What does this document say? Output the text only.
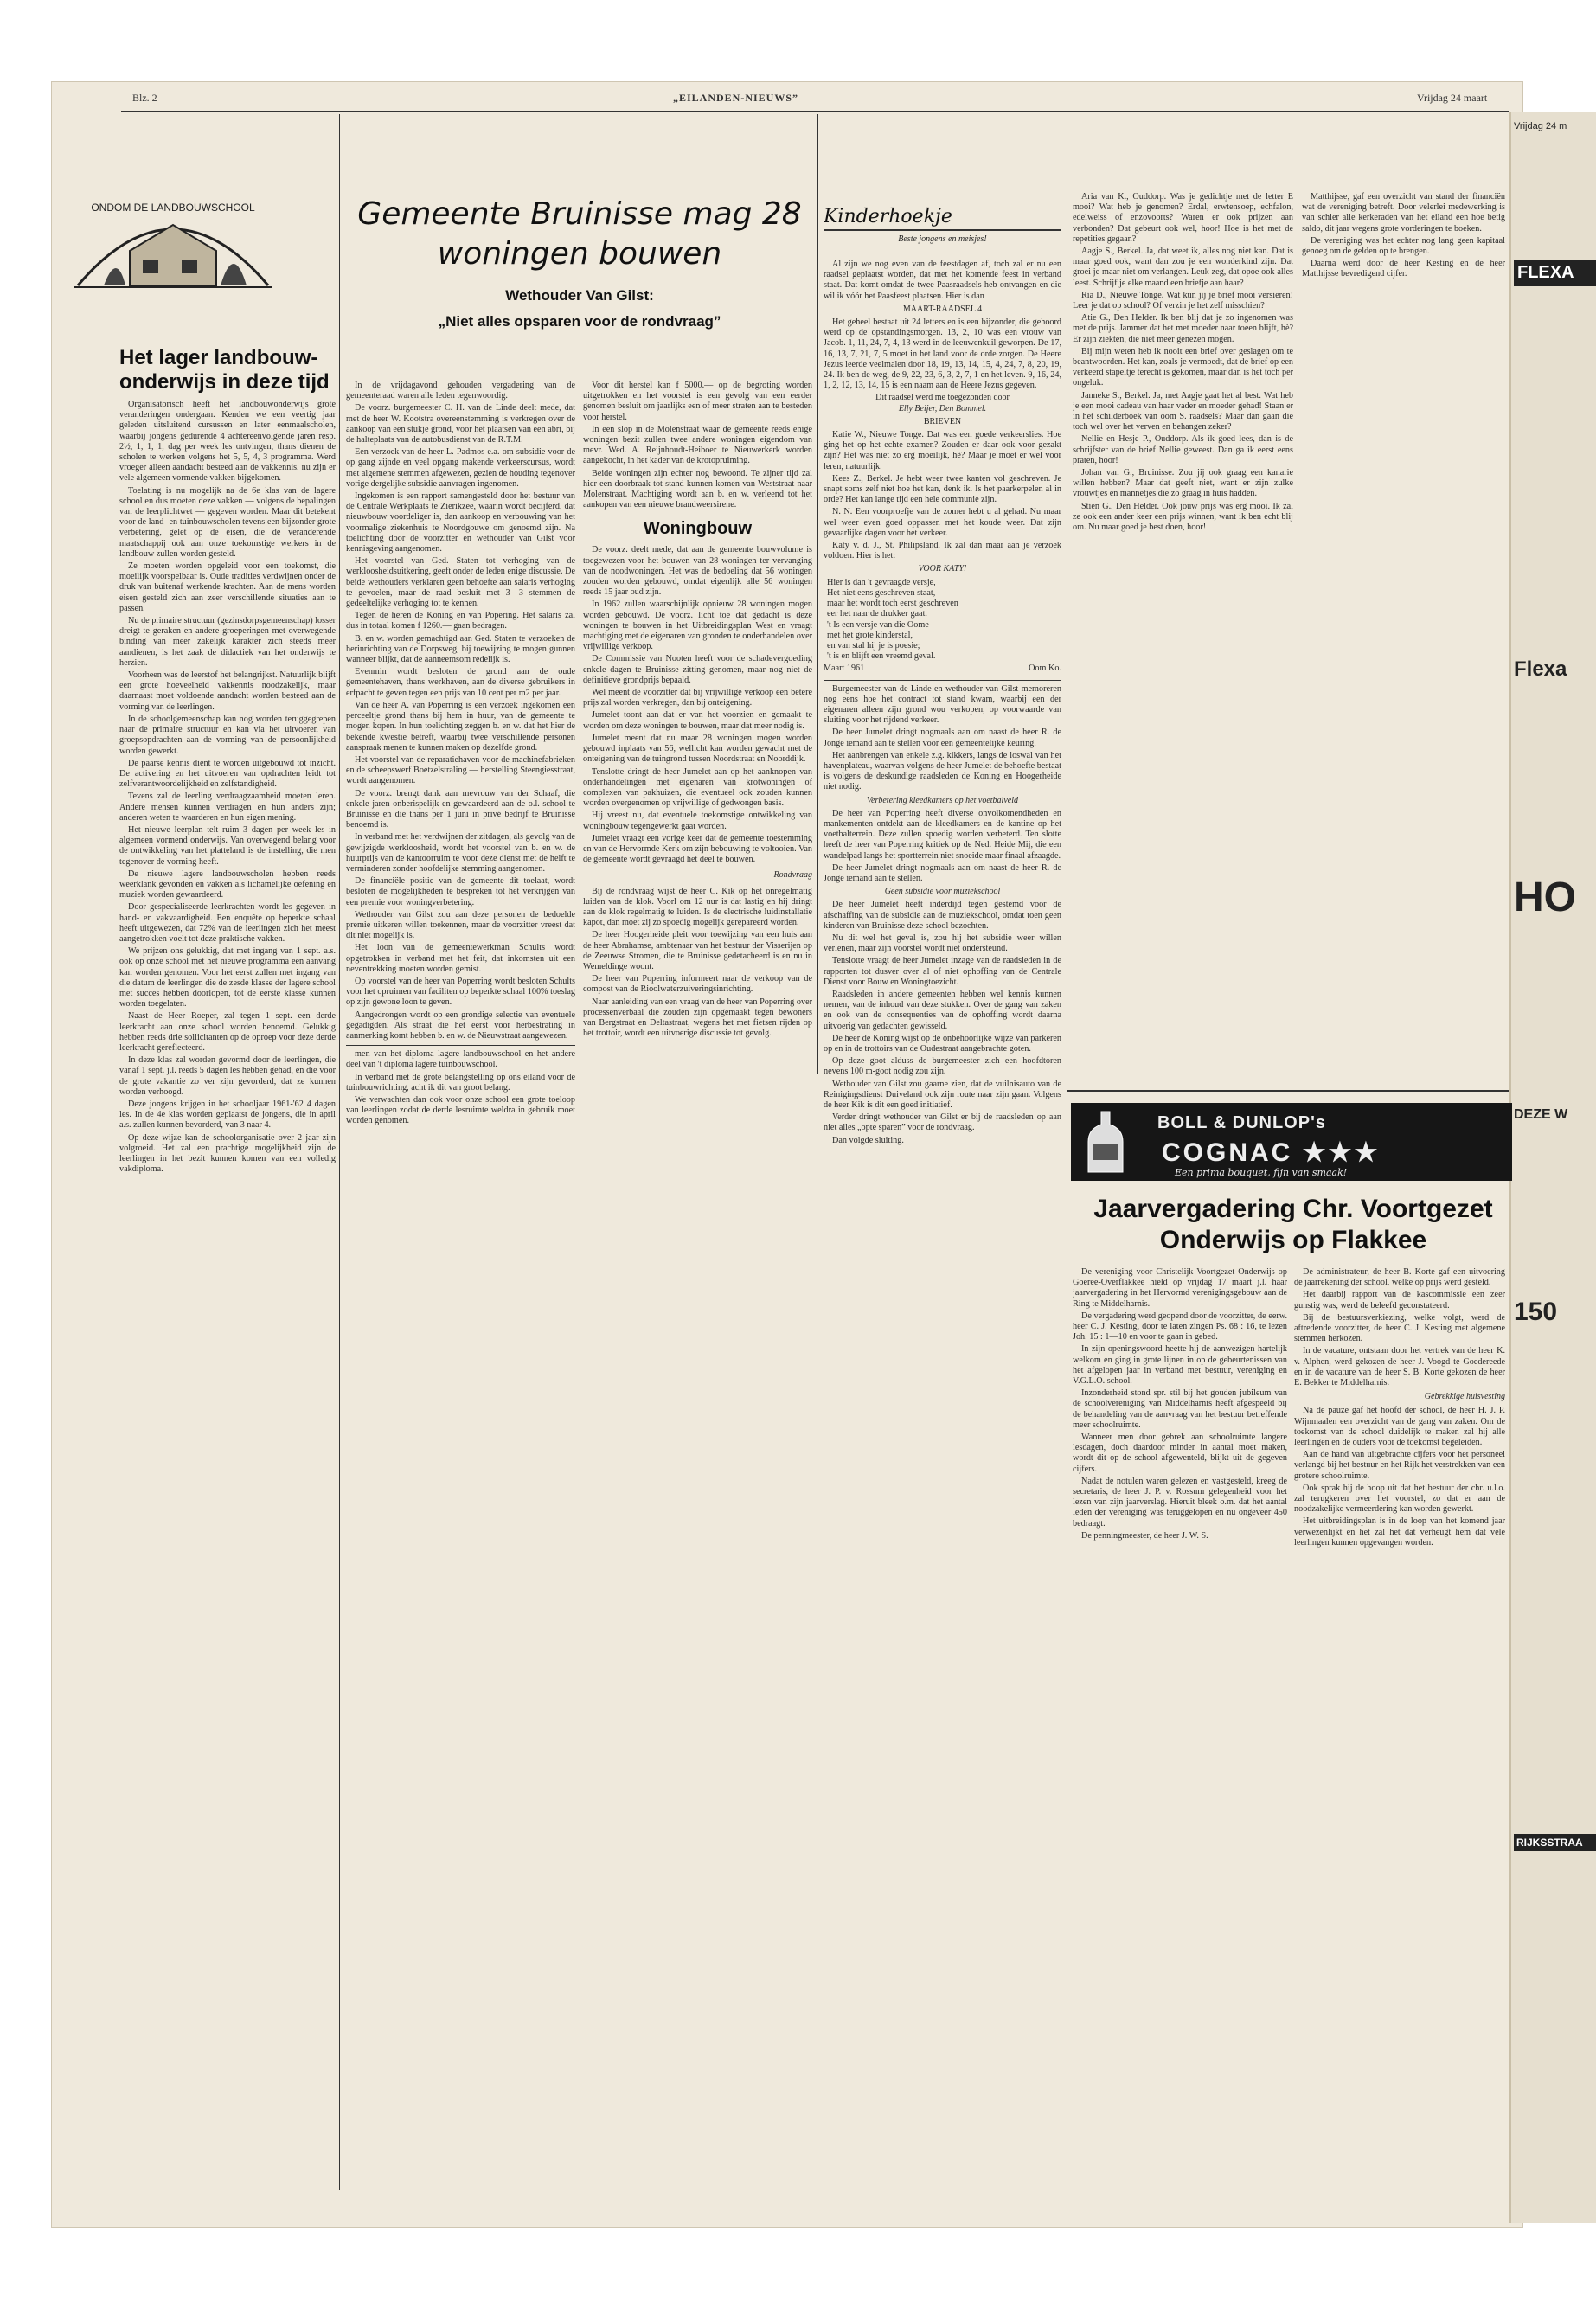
Blz. 2	„EILANDEN-NIEUWS”	Vrijdag 24 maart
ONDOM DE LANDBOUWSCHOOL
Het lager landbouw-onderwijs in deze tijd

Organisatorisch heeft het landbouwonderwijs grote veranderingen ondergaan. Kenden we een veertig jaar geleden uitsluitend cursussen en later eenmaalscholen, waarbij jongens gedurende 4 achtereenvolgende jaren resp. 2½, 1, 1, 1, dag per week les ontvingen, thans dienen de scholen te werken volgens het 5, 5, 4, 3 programma. Werd vroeger alleen aandacht besteed aan de vakkennis, nu zijn er vele algemeen vormende vakken bijgekomen.

Toelating is nu mogelijk na de 6e klas van de lagere school en dus moeten deze vakken — volgens de bepalingen van de leerplichtwet — gegeven worden. Maar dit betekent voor de land- en tuinbouwscholen tevens een bijzonder grote verbetering, gelet op de eisen, die de veranderende maatschappij ook aan onze toekomstige werkers in de landbouw zullen worden gesteld.

Ze moeten worden opgeleid voor een toekomst, die moeilijk voorspelbaar is. Oude tradities verdwijnen onder de druk van buitenaf werkende krachten. Aan de mens worden eisen gesteld zich aan zeer verschillende situaties aan te passen.

Nu de primaire structuur (gezinsdorpsgemeenschap) losser dreigt te geraken en andere groeperingen met overwegende binding van meer zakelijk karakter zich steeds meer aandienen, is het zaak de didactiek van het onderwijs te herzien.

Voorheen was de leerstof het belangrijkst. Natuurlijk blijft een grote hoeveelheid vakkennis noodzakelijk, maar daarnaast moet voldoende aandacht worden besteed aan de vorming van de leerlingen.

In de schoolgemeenschap kan nog worden teruggegrepen naar de primaire structuur en kan via het uitvoeren van groepsopdrachten aan de vorming van de persoonlijkheid worden gewerkt.

De paarse kennis dient te worden uitgebouwd tot inzicht. De activering en het uitvoeren van opdrachten leidt tot zelfverantwoordelijkheid en zelfstandigheid.

Tevens zal de leerling verdraagzaamheid moeten leren. Andere mensen kunnen verdragen en hun anders zijn; anderen weten te waarderen en hun eigen mening.

Het nieuwe leerplan telt ruim 3 dagen per week les in algemeen vormend onderwijs. Van overwegend belang voor de ontwikkeling van het platteland is de instelling, die men tegenover de vorming heeft.

De nieuwe lagere landbouwscholen hebben reeds weerklank gevonden en vakken als lichamelijke oefening en muziek worden gewaardeerd.

Door gespecialiseerde leerkrachten wordt les gegeven in hand- en vakvaardigheid. Een enquête op beperkte schaal heeft uitgewezen, dat 72% van de leerlingen zich het meest aangetrokken voelt tot deze praktische vakken.

We prijzen ons gelukkig, dat met ingang van 1 sept. a.s. ook op onze school met het nieuwe programma een aanvang kan worden genomen. Voor het eerst zullen met ingang van die datum de leerlingen die de zesde klasse der lagere school met succes hebben doorlopen, tot de eerste klasse kunnen worden toegelaten.

Naast de Heer Roeper, zal tegen 1 sept. een derde leerkracht aan onze school worden benoemd. Gelukkig hebben reeds drie sollicitanten op de oproep voor deze derde leerkracht gereflecteerd.

In deze klas zal worden gevormd door de leerlingen, die vanaf 1 sept. j.l. reeds 5 dagen les hebben gehad, en die voor de grote vakantie zo ver zijn gevorderd, dat ze kunnen worden verhoogd.

Deze jongens krijgen in het schooljaar 1961-'62 4 dagen les. In de 4e klas worden geplaatst de jongens, die in april a.s. zullen kunnen bevorderd, van 3 naar 4.

Op deze wijze kan de schoolorganisatie over 2 jaar zijn volgroeid. Het zal een prachtige mogelijkheid zijn de leerlingen in het bezit kunnen komen van een volledig vakdiploma.

Gemeente Bruinisse mag 28 woningen bouwen
Wethouder Van Gilst:
„Niet alles opsparen voor de rondvraag”

In de vrijdagavond gehouden vergadering van de gemeenteraad waren alle leden tegenwoordig.

De voorz. burgemeester C. H. van de Linde deelt mede, dat met de heer W. Kootstra overeenstemming is verkregen over de aankoop van een stukje grond, voor het plaatsen van een abri, bij de halteplaats van de autobusdienst van de R.T.M.

Een verzoek van de heer L. Padmos e.a. om subsidie voor de op gang zijnde en veel opgang makende verkeerscursus, wordt met algemene stemmen afgewezen, gezien de houding tegenover vorige dergelijke subsidie aanvragen ingenomen.

Ingekomen is een rapport samengesteld door het bestuur van de Centrale Werkplaats te Zierikzee, waarin wordt becijferd, dat nieuwbouw voordeliger is, dan aankoop en verbouwing van het voormalige ziekenhuis te Noordgouwe om genoemd zijn. Na toelichting door de voorzitter en wethouder van Gilst voor kennisgeving aangenomen.

Het voorstel van Ged. Staten tot verhoging van de werkloosheidsuitkering, geeft onder de leden enige discussie. De beide wethouders verklaren geen behoefte aan salaris verhoging te gevoelen, maar de raad besluit met 3—3 stemmen de gedeeltelijke verhoging tot te kennen.

Tegen de heren de Koning en van Popering. Het salaris zal dus in totaal komen f 1260.— gaan bedragen.

B. en w. worden gemachtigd aan Ged. Staten te verzoeken de herinrichting van de Dorpsweg, bij toewijzing te mogen gunnen wanneer blijkt, dat de aanneemsom redelijk is.

Evenmin wordt besloten de grond aan de oude gemeentehaven, thans werkhaven, aan de diverse gebruikers in erfpacht te geven tegen een prijs van 10 cent per m2 per jaar.

Van de heer A. van Poperring is een verzoek ingekomen een perceeltje grond thans bij hem in huur, van de gemeente te mogen kopen. In hun toelichting zeggen b. en w. dat het hier de bekende kwestie betreft, waarbij twee verschillende personen aanspraak menen te kunnen maken op dezelfde grond.

Het voorstel van de reparatiehaven voor de machinefabrieken en de scheepswerf Boetzelstraling — herstelling Steengiesstraat, wordt aangenomen.

De voorz. brengt dank aan mevrouw van der Schaaf, die enkele jaren onberispelijk en gewaardeerd aan de o.l. school te Bruinisse en die thans per 1 juni in privé bedrijf te Bruinisse benoemd is.

In verband met het verdwijnen der zitdagen, als gevolg van de gewijzigde werkloosheid, wordt het voorstel van b. en w. de huurprijs van de kantoorruim te voor deze dienst met de helft te verminderen zonder hoofdelijke stemming aangenomen.

De financiële positie van de gemeente dit toelaat, wordt besloten de mogelijkheden te bespreken tot het verkrijgen van een premie voor woningverbetering.

Wethouder van Gilst zou aan deze personen de bedoelde premie uitkeren willen toekennen, maar de voorzitter vreest dat dit niet mogelijk is.

Het loon van de gemeentewerkman Schults wordt opgetrokken in verband met het feit, dat inkomsten uit een neventrekking moeten worden gemist.

Op voorstel van de heer van Poperring wordt besloten Schults voor het opruimen van faciliten op beperkte schaal 100% toeslag op zijn gewone loon te geven.

Aangedrongen wordt op een grondige selectie van eventuele gegadigden. Als straat die het eerst voor herbestrating in aanmerking komt hebben b. en w. de Nieuwstraat aangewezen.

men van het diploma lagere landbouwschool en het andere deel van 't diploma lagere tuinbouwschool.

In verband met de grote belangstelling op ons eiland voor de tuinbouwrichting, acht ik dit van groot belang.

We verwachten dan ook voor onze school een grote toeloop van leerlingen zodat de derde lesruimte weldra in gebruik moet worden genomen.

Voor dit herstel kan f 5000.— op de begroting worden uitgetrokken en het voorstel is een gevolg van een eerder genomen besluit om jaarlijks een of meer straten aan te besteden voor herstel.

In een slop in de Molenstraat waar de gemeente reeds enige woningen bezit zullen twee andere woningen eigendom van mevr. Wed. A. Reijnhoudt-Heiboer te Nieuwerkerk worden aangekocht, in het kader van de krotopruiming.

Beide woningen zijn echter nog bewoond. Te zijner tijd zal hier een doorbraak tot stand kunnen komen van Weststraat naar Molenstraat. Machtiging wordt aan b. en w. verleend tot het aankopen van een nieuwe brandweersirene.

Woningbouw

De voorz. deelt mede, dat aan de gemeente bouwvolume is toegewezen voor het bouwen van 28 woningen ter vervanging van de noodwoningen. Het was de bedoeling dat 56 woningen zouden worden gebouwd, omdat eigenlijk alle 56 woningen reeds 15 jaar oud zijn.

In 1962 zullen waarschijnlijk opnieuw 28 woningen mogen worden gebouwd. De voorz. licht toe dat gedacht is deze woningen te bouwen in het Uitbreidingsplan West en vraagt machtiging met de eigenaren van gronden te onderhandelen over vrijwillige verkoop.

De Commissie van Nooten heeft voor de schadevergoeding enkele dagen te Bruinisse zitting genomen, maar nog niet de definitieve grondprijs bepaald.

Wel meent de voorzitter dat bij vrijwillige verkoop een betere prijs zal worden verkregen, dan bij onteigening.

Jumelet toont aan dat er van het voorzien en gemaakt te worden om deze woningen te bouwen, maar dat meer nodig is.

Jumelet meent dat nu maar 28 woningen mogen worden gebouwd inplaats van 56, wellicht kan worden gewacht met de onteigening van de tuingrond tussen Noordstraat en Noorddijk.

Tenslotte dringt de heer Jumelet aan op het aanknopen van onderhandelingen met eigenaren van krotwoningen of complexen van pakhuizen, die eventueel ook zouden kunnen worden overgenomen op vrijwillige of gedwongen basis.

Hij vreest nu, dat eventuele toekomstige ontwikkeling van woningbouw tegengewerkt gaat worden.

Jumelet vraagt een vorige keer dat de gemeente toestemming en van de Hervormde Kerk om zijn bebouwing te voltooien. Van de gemeente wordt gevraagd het deel te bouwen.

Rondvraag

Bij de rondvraag wijst de heer C. Kik op het onregelmatig luiden van de klok. Voorl om 12 uur is dat lastig en hij dringt aan de klok regelmatig te luiden. Is de electrische luidinstallatie kapot, dan moet zij zo spoedig mogelijk gerepareerd worden.

De heer Hoogerheide pleit voor toewijzing van een huis aan de heer Abrahamse, ambtenaar van het bestuur der Visserijen op de Zeeuwse Stromen, die te Bruinisse gedetacheerd is en nu in Wemeldinge woont.

De heer van Poperring informeert naar de verkoop van de compost van de Rioolwaterzuiveringsinrichting.

Naar aanleiding van een vraag van de heer van Poperring over processenverbaal die zouden zijn opgemaakt tegen bewoners van Bergstraat en Deltastraat, wegens het met fietsen rijden op het trottoir, wordt een uitvoerige discussie tot gevolg.

Kinderhoekje
Beste jongens en meisjes!

Al zijn we nog even van de feestdagen af, toch zal er nu een raadsel geplaatst worden, dat met het komende feest in verband staat. Dat komt omdat de twee Paasraadsels heb ontvangen en die wil ik vóór het Paasfeest plaatsen. Hier is dan

MAART-RAADSEL 4

Het geheel bestaat uit 24 letters en is een bijzonder, die gehoord werd op de opstandingsmorgen. 13, 2, 10 was een vrouw van Jacob. 1, 11, 24, 7, 4, 13 werd in de leeuwenkuil geworpen. De 17, 16, 13, 7, 21, 7, 5 moet in het land voor de orde zorgen. De Heere Jezus leerde veelmalen door 18, 19, 13, 14, 15, 4, 24, 7, 8, 20, 19, 24. Ik ben de weg, de 9, 22, 23, 6, 3, 2, 7, 1 en het leven. 9, 16, 24, 1, 2, 12, 13, 14, 15 is een naam aan de Heere Jezus gegeven.

Dit raadsel werd me toegezonden door
Elly Beijer, Den Bommel.
BRIEVEN

Katie W., Nieuwe Tonge. Dat was een goede verkeerslies. Hoe ging het op het echte examen? Zouden er daar ook voor gezakt zijn? Het was niet zo erg moeilijk, hè? Maar je moet er wel voor leren, natuurlijk.

Kees Z., Berkel. Je hebt weer twee kanten vol geschreven. Je snapt soms zelf niet hoe het kan, denk ik. Is het paarkerpelen al in orde? Het kan lange tijd een hele communie zijn.

N. N. Een voorproefje van de zomer hebt u al gehad. Nu maar wel weer even goed oppassen met het koude weer. Dat zijn gevaarlijke dagen voor het verkeer.

Katy v. d. J., St. Philipsland. Ik zal dan maar aan je verzoek voldoen. Hier is het:

VOOR KATY!
Hier is dan 't gevraagde versje,
Het niet eens geschreven staat,
maar het wordt toch eerst geschreven
eer het naar de drukker gaat.
't Is een versje van die Oome
met het grote kinderstal,
en van stal hij je is poesie;
't is en blijft een vreemd geval.
Maart 1961	Oom Ko.

Burgemeester van de Linde en wethouder van Gilst memoreren nog eens hoe het contract tot stand kwam, waarbij een der eigenaren alleen zijn grond wou verkopen, op voorwaarde van sluiting voor het rijdend verkeer.

De heer Jumelet dringt nogmaals aan om naast de heer R. de Jonge iemand aan te stellen voor een gemeentelijke keuring.

Het aanbrengen van enkele z.g. kikkers, langs de loswal van het havenplateau, waarvan volgens de heer Jumelet de behoefte bestaat is volgens de deskundige raadsleden de Koning en Hoogerheide niet nodig.

Verbetering kleedkamers op het voetbalveld

De heer van Poperring heeft diverse onvolkomendheden en mankementen ontdekt aan de kleedkamers en de kantine op het voetbalterrein. Deze zullen spoedig worden verbeterd. Ten slotte heeft de heer van Poperring kritiek op de Ned. Heide Mij, die een wandelpad langs het sportterrein niet snoeide maar finaal afzaagde.

De heer Jumelet dringt nogmaals aan om naast de heer R. de Jonge iemand aan te stellen.

Geen subsidie voor muziekschool

De heer Jumelet heeft inderdijd tegen gestemd voor de afschaffing van de subsidie aan de muziekschool, omdat toen geen kinderen van Bruinisse deze school bezochten.

Nu dit wel het geval is, zou hij het subsidie weer willen verlenen, maar zijn voorstel wordt niet ondersteund.

Tenslotte vraagt de heer Jumelet inzage van de raadsleden in de rapporten tot dusver over al of niet ophoffing van de Centrale Dienst voor Bouw en Woningtoezicht.

Raadsleden in andere gemeenten hebben wel kennis kunnen nemen, van de inhoud van deze stukken. Over de gang van zaken en ook van de consequenties van de ophoffing wordt daarna uitvoerig van gedachten gewisseld.

De heer de Koning wijst op de onbehoorlijke wijze van parkeren op en in de trottoirs van de Oudestraat aangebrachte goten.

Op deze goot alduss de burgemeester zich een hoofdtoren nevens 100 m-goot nodig zou zijn.

Wethouder van Gilst zou gaarne zien, dat de vuilnisauto van de Reinigingsdienst Duiveland ook zijn route naar zijn gaan. Volgens de heer Kik is dit een goed initiatief.

Verder dringt wethouder van Gilst er bij de raadsleden op aan niet alles „opte sparen” voor de rondvraag.

Dan volgde sluiting.

Aria van K., Ouddorp. Was je gedichtje met de letter E mooi? Wat heb je genomen? Erdal, erwtensoep, echfalon, edelweiss of enzovoorts? Waren er ook prijzen aan verbonden? Dat gebeurt ook wel, hoor! Hoe is het met de repetities gegaan?

Aagje S., Berkel. Ja, dat weet ik, alles nog niet kan. Dat is maar goed ook, want dan zou je een wonderkind zijn. Dat groei je maar niet om verlangen. Leuk zeg, dat opoe ook alles leest. Schrijf je elke maand een briefje aan haar?

Ria D., Nieuwe Tonge. Wat kun jij je brief mooi versieren! Leer je dat op school? Of verzin je het zelf misschien?

Atie G., Den Helder. Ik ben blij dat je zo ingenomen was met de prijs. Jammer dat het met moeder naar toeen blijft, hè? Er zijn ziekten, die niet meer genezen mogen.

Bij mijn weten heb ik nooit een brief over geslagen om te beantwoorden. Het kan, zoals je vermoedt, dat de brief op een verkeerd stapeltje terecht is gekomen, maar dan is het toch per ongeluk.

Janneke S., Berkel. Ja, met Aagje gaat het al best. Wat heb je een mooi cadeau van haar vader en moeder gehad! Staan er in het schilderboek van oom S. raadsels? Maar dan gaan die toch wel over het verven en behangen zeker?

Nellie en Hesje P., Ouddorp. Als ik goed lees, dan is de schrijfster van de brief Nellie geweest. Dan ga ik eerst eens praten, hoor!

Johan van G., Bruinisse. Zou jij ook graag een kanarie willen hebben? Maar dat geeft niet, want er zijn zulke vrouwtjes en mannetjes die zo graag in huis hadden.

Stien G., Den Helder. Ook jouw prijs was erg mooi. Ik zal ze ook een ander keer een prijs winnen, want ik ben echt blij om. Nu maar goed je best doen, hoor!

Matthijsse, gaf een overzicht van stand der financiën wat de vereniging betreft. Door velerlei medewerking is van schier alle kerkeraden van het eiland een hoe betig saldo, dit jaar wegens grote vorderingen te boeken.

De vereniging was het echter nog lang geen kapitaal genoeg om de gelden op te brengen.

Daarna werd door de heer Kesting en de heer Matthijsse bevredigend cijfer.

BOLL & DUNLOP's
COGNAC ★★★
Een prima bouquet, fijn van smaak!
Jaarvergadering Chr. Voortgezet Onderwijs op Flakkee

De vereniging voor Christelijk Voortgezet Onderwijs op Goeree-Overflakkee hield op vrijdag 17 maart j.l. haar jaarvergadering in het Hervormd verenigingsgebouw aan de Ring te Middelharnis.

De vergadering werd geopend door de voorzitter, de eerw. heer C. J. Kesting, door te laten zingen Ps. 68 : 16, te lezen Joh. 15 : 1—10 en voor te gaan in gebed.

In zijn openingswoord heette hij de aanwezigen hartelijk welkom en ging in grote lijnen in op de gebeurtenissen van het afgelopen jaar in verband met bestuur, vereniging en V.G.L.O. school.

Inzonderheid stond spr. stil bij het gouden jubileum van de schoolvereniging van Middelharnis heeft afgespeeld bij de behandeling van de aanvraag van het bestuur betreffende meer schoolruimte.

Wanneer men door gebrek aan schoolruimte langere lesdagen, doch daardoor minder in aantal moet maken, wordt dit op de school afgewenteld, blijkt uit de gegeven cijfers.

Nadat de notulen waren gelezen en vastgesteld, kreeg de secretaris, de heer J. P. v. Rossum gelegenheid voor het lezen van zijn jaarverslag. Hieruit bleek o.m. dat het aantal leden der vereniging was teruggelopen en nu ongeveer 450 bedraagt.

De penningmeester, de heer J. W. S.

De administrateur, de heer B. Korte gaf een uitvoering de jaarrekening der school, welke op prijs werd gesteld.

Het daarbij rapport van de kascommissie een zeer gunstig was, werd de beleefd geconstateerd.

Bij de bestuursverkiezing, welke volgt, werd de aftredende voorzitter, de heer C. J. Kesting met algemene stemmen herkozen.

In de vacature, ontstaan door het vertrek van de heer K. v. Alphen, werd gekozen de heer J. Voogd te Goedereede en in de vacature van de heer S. B. Korte gekozen de heer E. Bekker te Middelharnis.

Gebrekkige huisvesting

Na de pauze gaf het hoofd der school, de heer H. J. P. Wijnmaalen een overzicht van de gang van zaken. Om de toekomst van de school duidelijk te maken zal hij alle leerlingen en de ouders voor de toekomst begeleiden.

Aan de hand van uitgebrachte cijfers voor het personeel verlangd bij het bestuur en het Rijk het verstrekken van een grotere schoolruimte.

Ook sprak hij de hoop uit dat het bestuur der chr. u.l.o. zal terugkeren over het voorstel, zo dat er aan de noodzakelijke vermeerdering kan worden gewerkt.

Het uitbreidingsplan is in de loop van het komend jaar verwezenlijkt en het zal het dat verheugt hem dat vele leerlingen kunnen opgevangen worden.

Vrijdag 24 m
FLEXA
Flexa
HO
DEZE W
150
RIJKSSTRAA
